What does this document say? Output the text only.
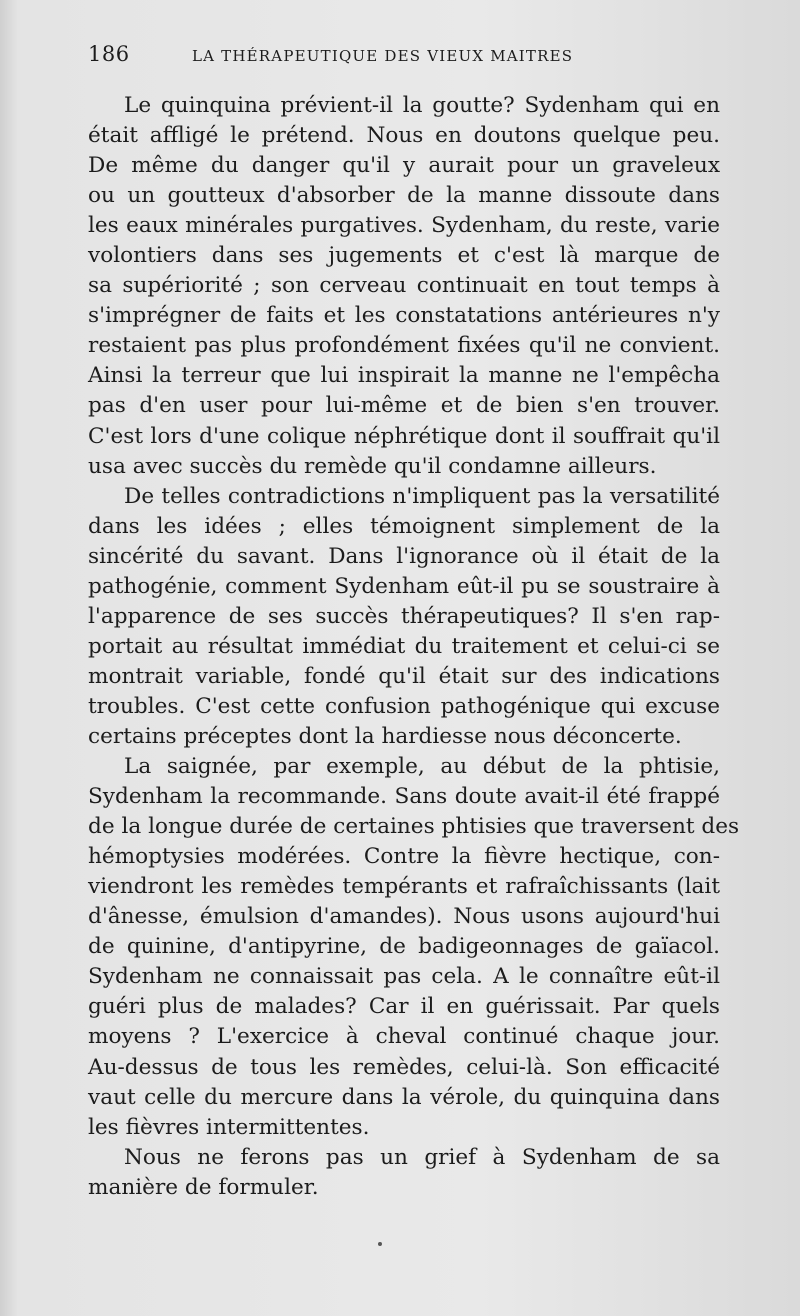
186	LA THÉRAPEUTIQUE DES VIEUX MAITRES
Le quinquina prévient-il la goutte? Sydenham qui en
était affligé le prétend. Nous en doutons quelque peu.
De même du danger qu'il y aurait pour un graveleux
ou un goutteux d'absorber de la manne dissoute dans
les eaux minérales purgatives. Sydenham, du reste, varie
volontiers dans ses jugements et c'est là marque de
sa supériorité ; son cerveau continuait en tout temps à
s'imprégner de faits et les constatations antérieures n'y
restaient pas plus profondément fixées qu'il ne convient.
Ainsi la terreur que lui inspirait la manne ne l'empêcha
pas d'en user pour lui-même et de bien s'en trouver.
C'est lors d'une colique néphrétique dont il souffrait qu'il
usa avec succès du remède qu'il condamne ailleurs.
De telles contradictions n'impliquent pas la versatilité
dans les idées ; elles témoignent simplement de la
sincérité du savant. Dans l'ignorance où il était de la
pathogénie, comment Sydenham eût-il pu se soustraire à
l'apparence de ses succès thérapeutiques? Il s'en rap-
portait au résultat immédiat du traitement et celui-ci se
montrait variable, fondé qu'il était sur des indications
troubles. C'est cette confusion pathogénique qui excuse
certains préceptes dont la hardiesse nous déconcerte.
La saignée, par exemple, au début de la phtisie,
Sydenham la recommande. Sans doute avait-il été frappé
de la longue durée de certaines phtisies que traversent des
hémoptysies modérées. Contre la fièvre hectique, con-
viendront les remèdes tempérants et rafraîchissants (lait
d'ânesse, émulsion d'amandes). Nous usons aujourd'hui
de quinine, d'antipyrine, de badigeonnages de gaïacol.
Sydenham ne connaissait pas cela. A le connaître eût-il
guéri plus de malades? Car il en guérissait. Par quels
moyens ? L'exercice à cheval continué chaque jour.
Au-dessus de tous les remèdes, celui-là. Son efficacité
vaut celle du mercure dans la vérole, du quinquina dans
les fièvres intermittentes.
Nous ne ferons pas un grief à Sydenham de sa
manière de formuler.
